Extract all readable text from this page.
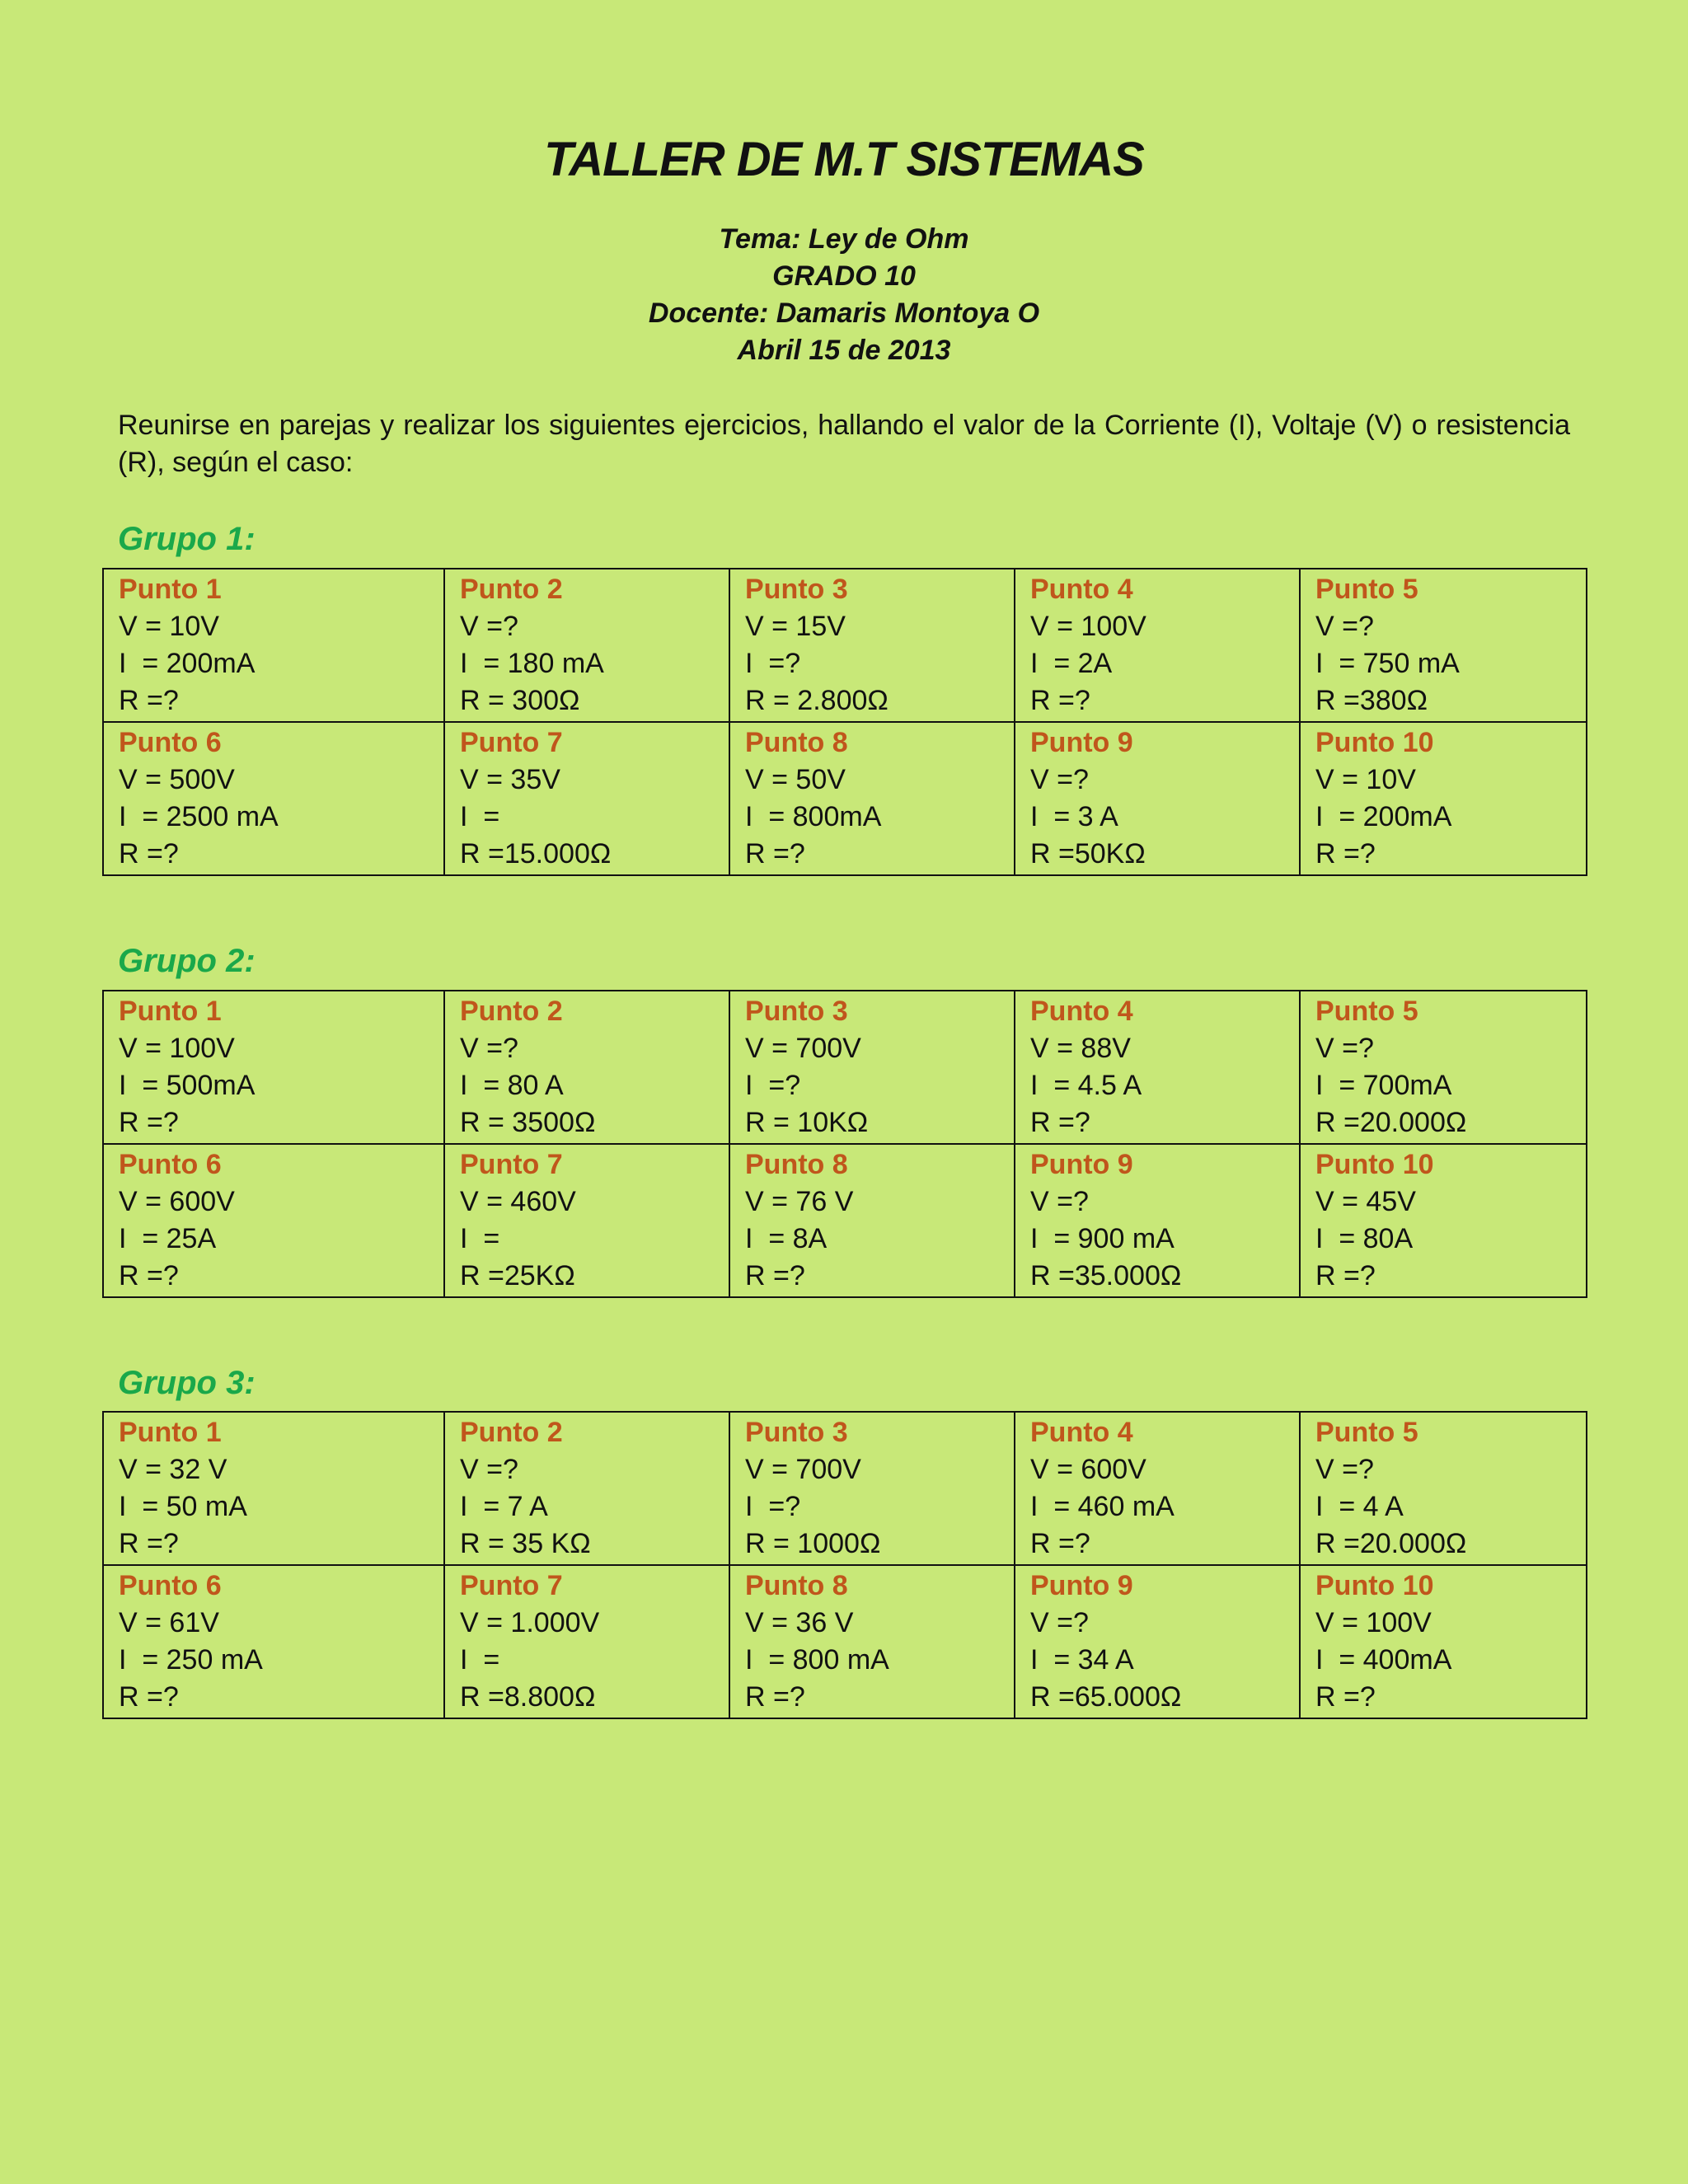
TALLER DE M.T SISTEMAS
Tema: Ley de Ohm
GRADO 10
Docente: Damaris Montoya O
Abril 15 de 2013
Reunirse en parejas y realizar los siguientes ejercicios, hallando el valor de la Corriente (I), Voltaje (V) o resistencia (R), según el caso:
Grupo 1:
Punto 1
V = 10V
I  = 200mA
R =?	Punto 2
V =?
I  = 180 mA
R = 300Ω	Punto 3
V = 15V
I  =?
R = 2.800Ω	Punto 4
V = 100V
I  = 2A
R =?	Punto 5
V =?
I  = 750 mA
R =380Ω

Punto 6
V = 500V
I  = 2500 mA
R =?	Punto 7
V = 35V
I  =
R =15.000Ω	Punto 8
V = 50V
I  = 800mA
R =?	Punto 9
V =?
I  = 3 A
R =50KΩ	Punto 10
V = 10V
I  = 200mA
R =?
Grupo 2:
Punto 1
V = 100V
I  = 500mA
R =?	Punto 2
V =?
I  = 80 A
R = 3500Ω	Punto 3
V = 700V
I  =?
R = 10KΩ	Punto 4
V = 88V
I  = 4.5 A
R =?	Punto 5
V =?
I  = 700mA
R =20.000Ω

Punto 6
V = 600V
I  = 25A
R =?	Punto 7
V = 460V
I  =
R =25KΩ	Punto 8
V = 76 V
I  = 8A
R =?	Punto 9
V =?
I  = 900 mA
R =35.000Ω	Punto 10
V = 45V
I  = 80A
R =?
Grupo 3:
Punto 1
V = 32 V
I  = 50 mA
R =?	Punto 2
V =?
I  = 7 A
R = 35 KΩ	Punto 3
V = 700V
I  =?
R = 1000Ω	Punto 4
V = 600V
I  = 460 mA
R =?	Punto 5
V =?
I  = 4 A
R =20.000Ω

Punto 6
V = 61V
I  = 250 mA
R =?	Punto 7
V = 1.000V
I  =
R =8.800Ω	Punto 8
V = 36 V
I  = 800 mA
R =?	Punto 9
V =?
I  = 34 A
R =65.000Ω	Punto 10
V = 100V
I  = 400mA
R =?
